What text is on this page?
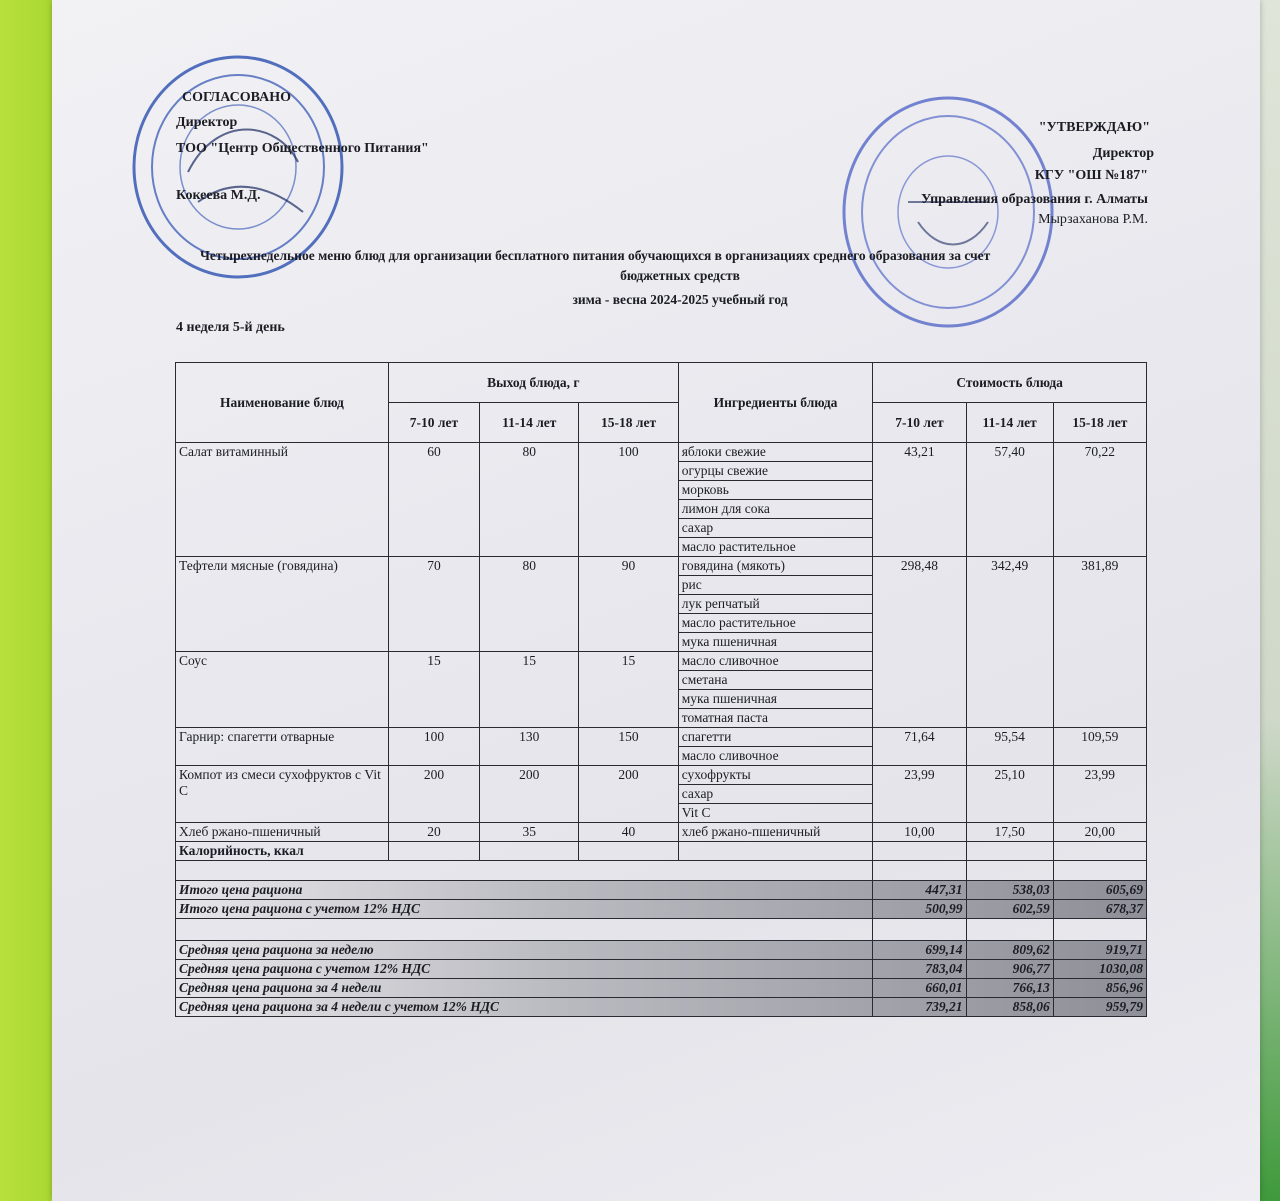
СОГЛАСОВАНО
Директор
ТОО "Центр Общественного Питания"
Кокеева М.Д.
"УТВЕРЖДАЮ"
Директор
КГУ "ОШ №187"
Управления образования г. Алматы
Мырзаханова Р.М.
Четырехнедельное меню блюд для организации бесплатного питания обучающихся в организациях среднего образования за счет
бюджетных средств
зима - весна 2024-2025 учебный год
4 неделя 5-й день
Наименование блюд	Выход блюда, г			Ингредиенты блюда	Стоимость блюда		
	7-10 лет	11-14 лет	15-18 лет		7-10 лет	11-14 лет	15-18 лет
Салат витаминный	60	80	100	яблоки свежие	43,21	57,40	70,22
				огурцы свежие			
				морковь			
				лимон для сока			
				сахар			
				масло растительное			
Тефтели мясные (говядина)	70	80	90	говядина (мякоть)	298,48	342,49	381,89
				рис			
				лук репчатый			
				масло растительное			
				мука пшеничная			
Соус	15	15	15	масло сливочное			
				сметана			
				мука пшеничная			
				томатная паста			
Гарнир: спагетти отварные	100	130	150	спагетти	71,64	95,54	109,59
				масло сливочное			
Компот из смеси сухофруктов с Vit C	200	200	200	сухофрукты	23,99	25,10	23,99
				сахар			
				Vit C			
Хлеб ржано-пшеничный	20	35	40	хлеб ржано-пшеничный	10,00	17,50	20,00
Калорийность, ккал							

Итого цена рациона					447,31	538,03	605,69
Итого цена рациона с учетом 12% НДС					500,99	602,59	678,37

Средняя цена рациона за неделю					699,14	809,62	919,71
Средняя цена рациона с учетом 12% НДС					783,04	906,77	1030,08
Средняя цена рациона за 4 недели					660,01	766,13	856,96
Средняя цена рациона за 4 недели с учетом 12% НДС					739,21	858,06	959,79
